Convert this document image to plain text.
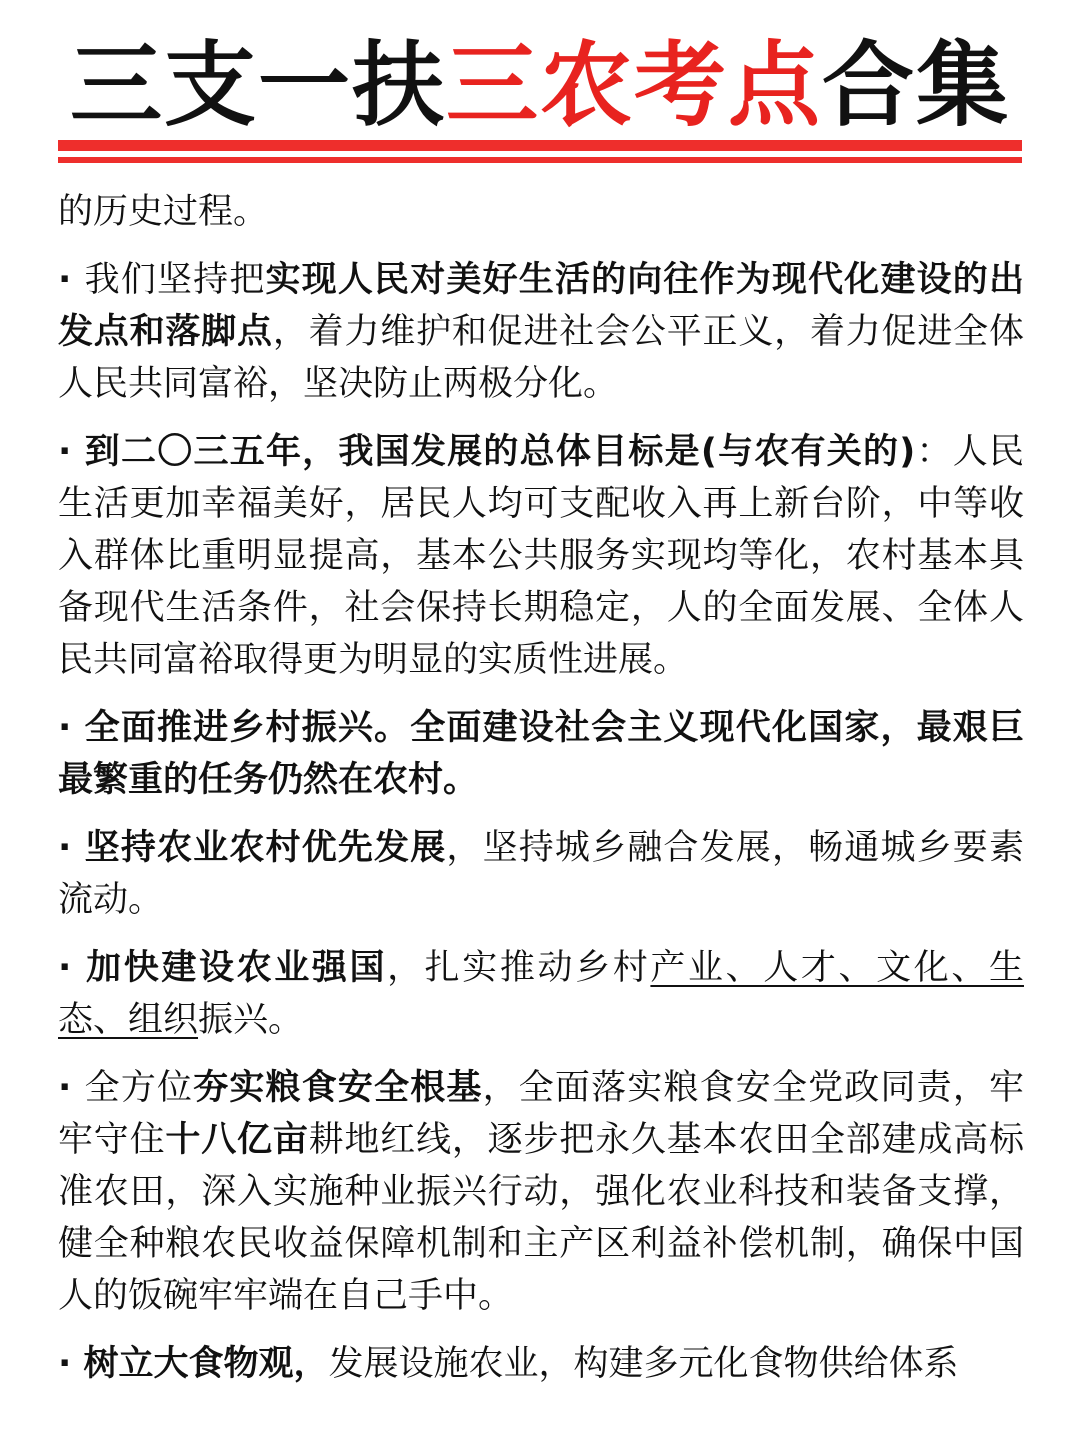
三支一扶三农考点合集

的历史过程。

· 我们坚持把实现人民对美好生活的向往作为现代化建设的出发点和落脚点，着力维护和促进社会公平正义，着力促进全体人民共同富裕，坚决防止两极分化。

· 到二〇三五年，我国发展的总体目标是(与农有关的)：人民生活更加幸福美好，居民人均可支配收入再上新台阶，中等收入群体比重明显提高，基本公共服务实现均等化，农村基本具备现代生活条件，社会保持长期稳定，人的全面发展、全体人民共同富裕取得更为明显的实质性进展。

· 全面推进乡村振兴。全面建设社会主义现代化国家，最艰巨最繁重的任务仍然在农村。

· 坚持农业农村优先发展，坚持城乡融合发展，畅通城乡要素流动。

· 加快建设农业强国，扎实推动乡村产业、人才、文化、生态、组织振兴。

· 全方位夯实粮食安全根基，全面落实粮食安全党政同责，牢牢守住十八亿亩耕地红线，逐步把永久基本农田全部建成高标准农田，深入实施种业振兴行动，强化农业科技和装备支撑，健全种粮农民收益保障机制和主产区利益补偿机制，确保中国人的饭碗牢牢端在自己手中。

· 树立大食物观，发展设施农业，构建多元化食物供给体系
